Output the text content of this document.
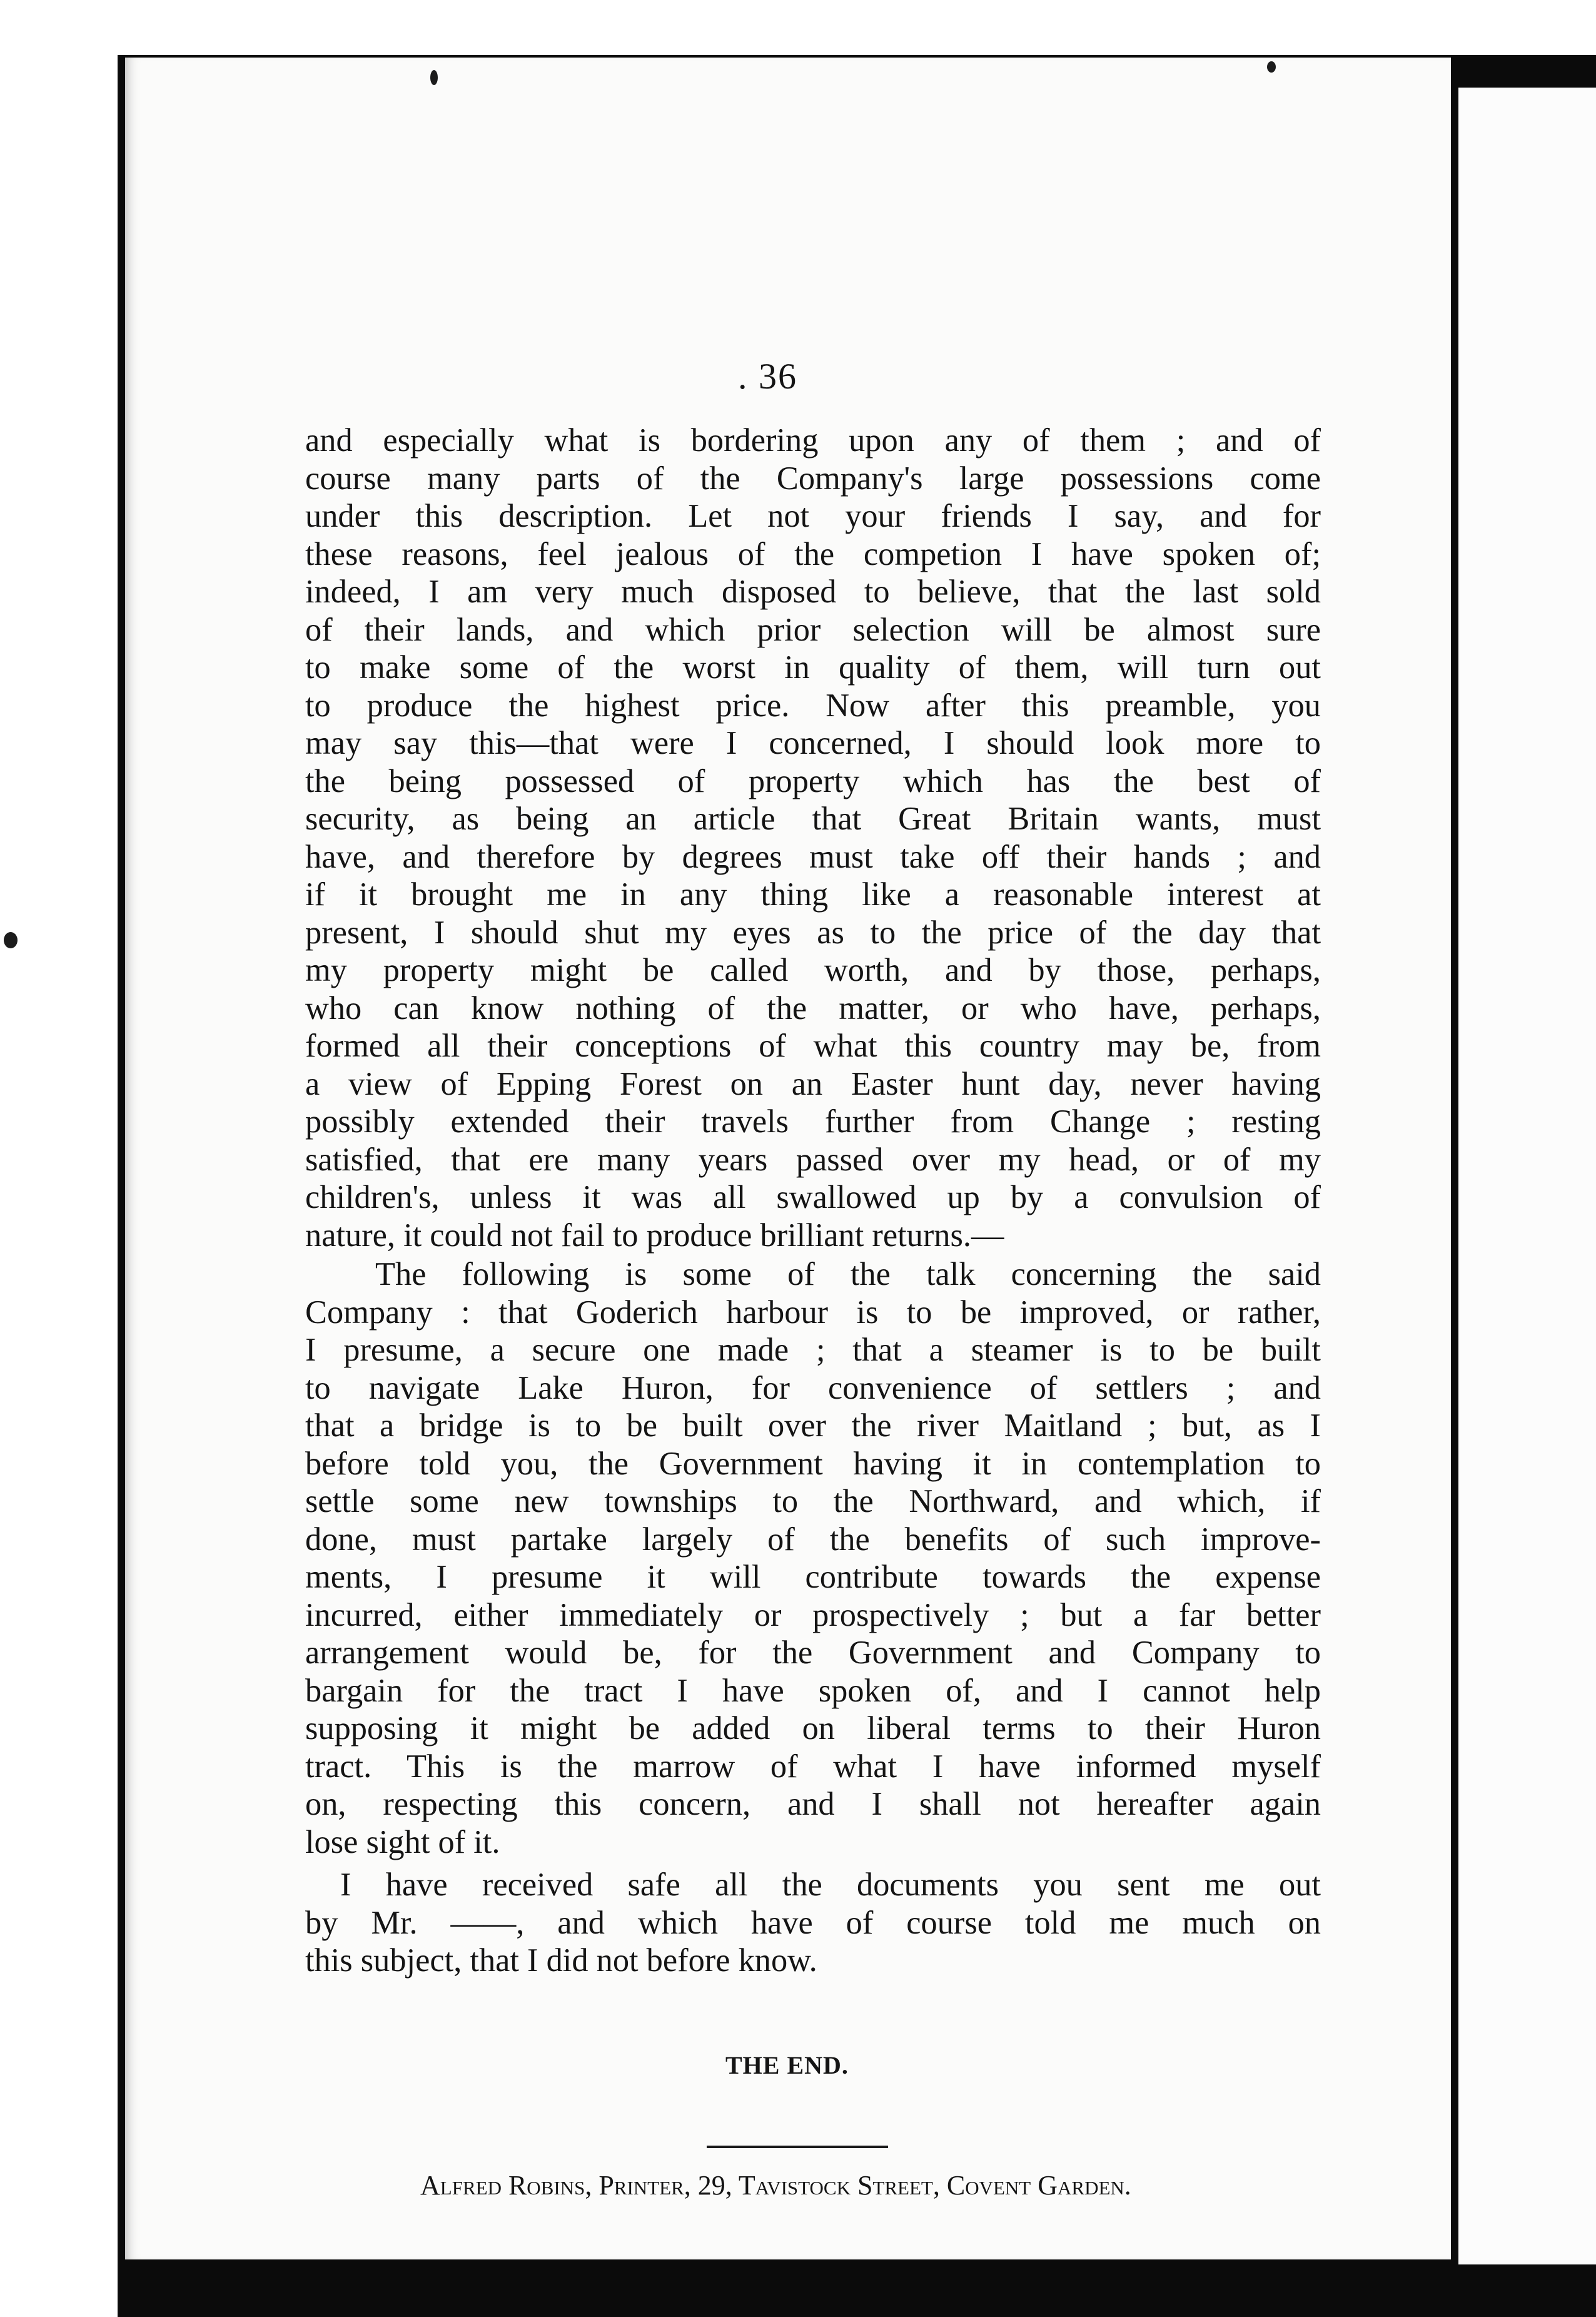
. 36
and especially what is bordering upon any of them ; and of
course many parts of the Company's large possessions come
under this description. Let not your friends I say, and for
these reasons, feel jealous of the competion I have spoken of;
indeed, I am very much disposed to believe, that the last sold
of their lands, and which prior selection will be almost sure
to make some of the worst in quality of them, will turn out
to produce the highest price. Now after this preamble, you
may say this—that were I concerned, I should look more to
the being possessed of property which has the best of
security, as being an article that Great Britain wants, must
have, and therefore by degrees must take off their hands ; and
if it brought me in any thing like a reasonable interest at
present, I should shut my eyes as to the price of the day that
my property might be called worth, and by those, perhaps,
who can know nothing of the matter, or who have, perhaps,
formed all their conceptions of what this country may be, from
a view of Epping Forest on an Easter hunt day, never having
possibly extended their travels further from Change ; resting
satisfied, that ere many years passed over my head, or of my
children's, unless it was all swallowed up by a convulsion of
nature, it could not fail to produce brilliant returns.—
The following is some of the talk concerning the said
Company : that Goderich harbour is to be improved, or rather,
I presume, a secure one made ; that a steamer is to be built
to navigate Lake Huron, for convenience of settlers ; and
that a bridge is to be built over the river Maitland ; but, as I
before told you, the Government having it in contemplation to
settle some new townships to the Northward, and which, if
done, must partake largely of the benefits of such improve-
ments, I presume it will contribute towards the expense
incurred, either immediately or prospectively ; but a far better
arrangement would be, for the Government and Company to
bargain for the tract I have spoken of, and I cannot help
supposing it might be added on liberal terms to their Huron
tract. This is the marrow of what I have informed myself
on, respecting this concern, and I shall not hereafter again
lose sight of it.
I have received safe all the documents you sent me out
by Mr. ——, and which have of course told me much on
this subject, that I did not before know.
THE END.
Alfred Robins, Printer, 29, Tavistock Street, Covent Garden.
